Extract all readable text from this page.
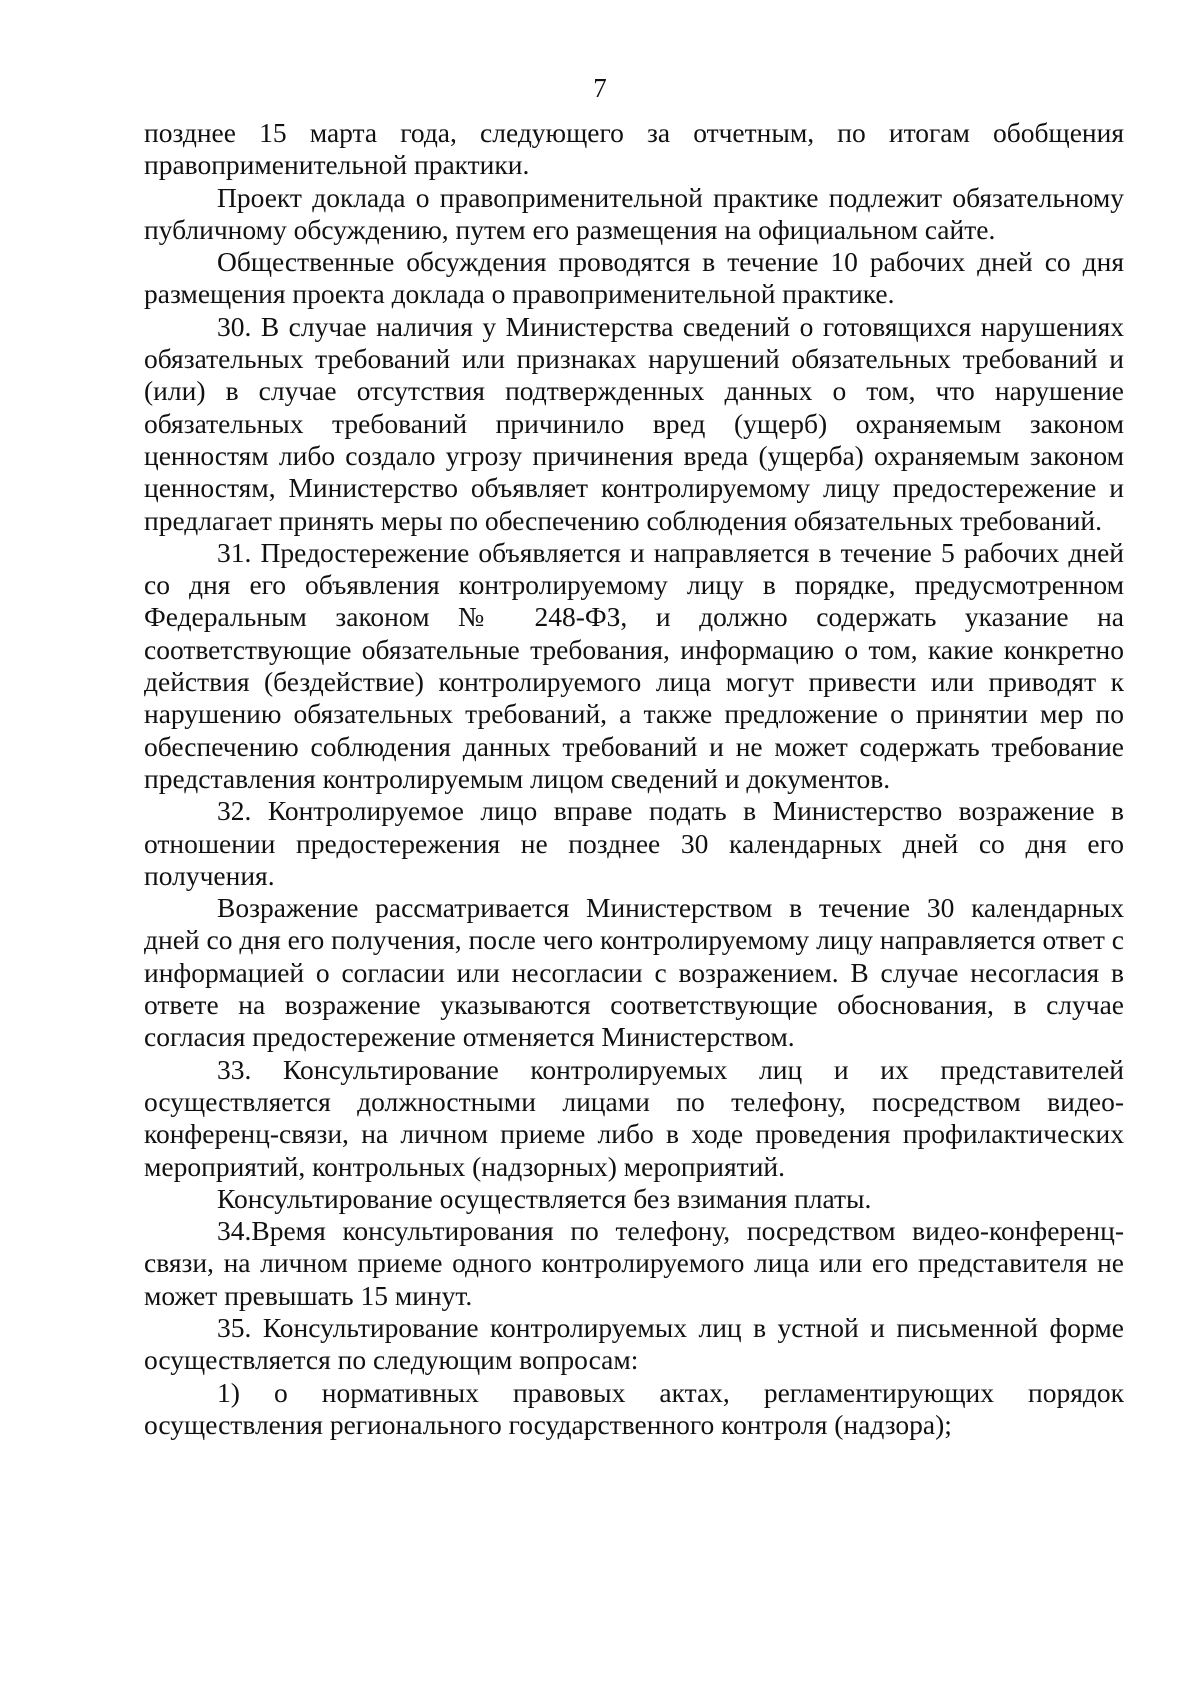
7

позднее 15 марта года, следующего за отчетным, по итогам обобщения правоприменительной практики.

Проект доклада о правоприменительной практике подлежит обязательному публичному обсуждению, путем его размещения на официальном сайте.

Общественные обсуждения проводятся в течение 10 рабочих дней со дня размещения проекта доклада о правоприменительной практике.

30. В случае наличия у Министерства сведений о готовящихся нарушениях обязательных требований или признаках нарушений обязательных требований и (или) в случае отсутствия подтвержденных данных о том, что нарушение обязательных требований причинило вред (ущерб) охраняемым законом ценностям либо создало угрозу причинения вреда (ущерба) охраняемым законом ценностям, Министерство объявляет контролируемому лицу предостережение и предлагает принять меры по обеспечению соблюдения обязательных требований.

31. Предостережение объявляется и направляется в течение 5 рабочих дней со дня его объявления контролируемому лицу в порядке, предусмотренном Федеральным законом № 248-ФЗ, и должно содержать указание на соответствующие обязательные требования, информацию о том, какие конкретно действия (бездействие) контролируемого лица могут привести или приводят к нарушению обязательных требований, а также предложение о принятии мер по обеспечению соблюдения данных требований и не может содержать требование представления контролируемым лицом сведений и документов.

32. Контролируемое лицо вправе подать в Министерство возражение в отношении предостережения не позднее 30 календарных дней со дня его получения.

Возражение рассматривается Министерством в течение 30 календарных дней со дня его получения, после чего контролируемому лицу направляется ответ с информацией о согласии или несогласии с возражением. В случае несогласия в ответе на возражение указываются соответствующие обоснования, в случае согласия предостережение отменяется Министерством.

33. Консультирование контролируемых лиц и их представителей осуществляется должностными лицами по телефону, посредством видео-конференц-связи, на личном приеме либо в ходе проведения профилактических мероприятий, контрольных (надзорных) мероприятий.

Консультирование осуществляется без взимания платы.

34.Время консультирования по телефону, посредством видео-конференц-связи, на личном приеме одного контролируемого лица или его представителя не может превышать 15 минут.

35. Консультирование контролируемых лиц в устной и письменной форме осуществляется по следующим вопросам:

1) о нормативных правовых актах, регламентирующих порядок осуществления регионального государственного контроля (надзора);
